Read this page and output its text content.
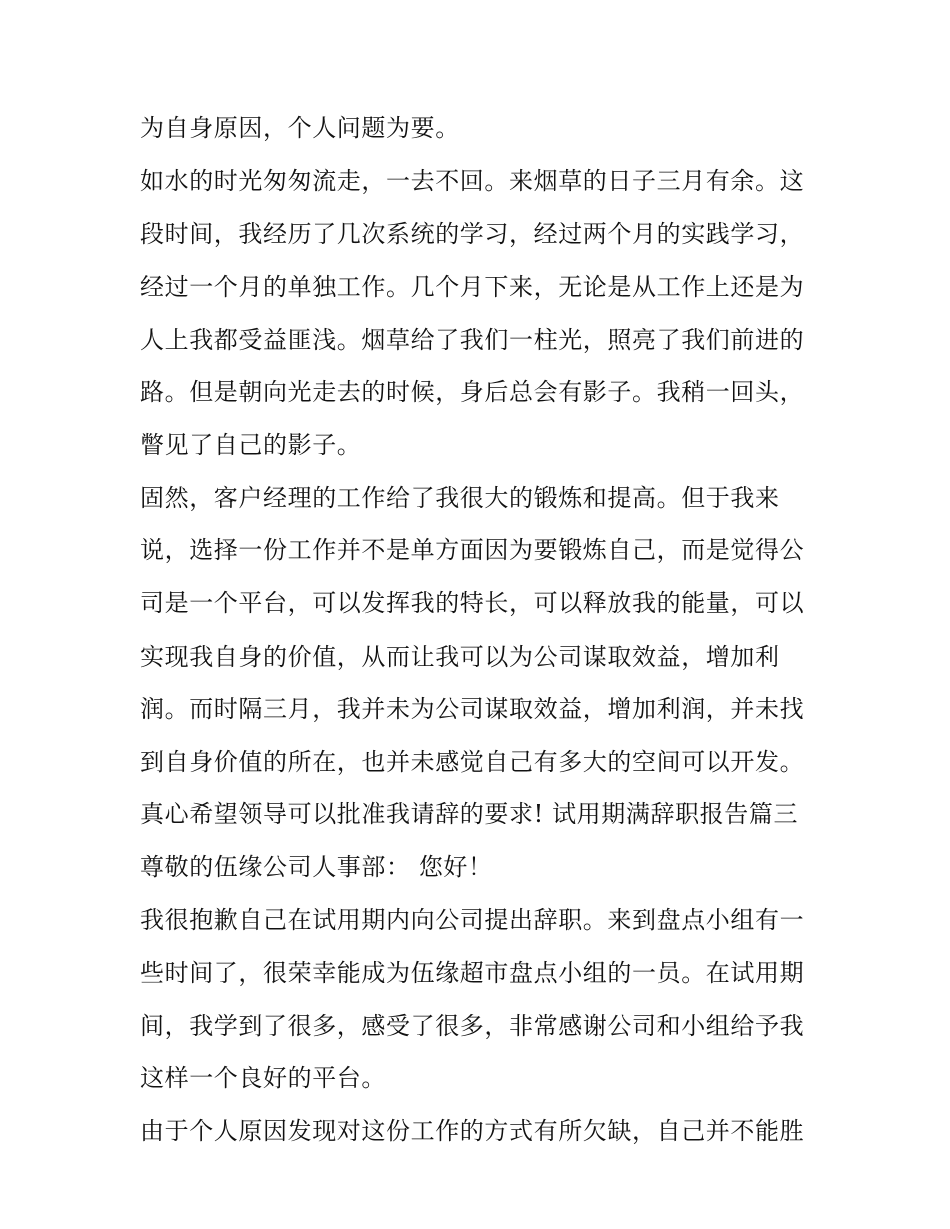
为自身原因，个人问题为要。

如水的时光匆匆流走，一去不回。来烟草的日子三月有余。这

段时间，我经历了几次系统的学习，经过两个月的实践学习，

经过一个月的单独工作。几个月下来，无论是从工作上还是为

人上我都受益匪浅。烟草给了我们一柱光，照亮了我们前进的

路。但是朝向光走去的时候，身后总会有影子。我稍一回头，

瞥见了自己的影子。

固然，客户经理的工作给了我很大的锻炼和提高。但于我来

说，选择一份工作并不是单方面因为要锻炼自己，而是觉得公

司是一个平台，可以发挥我的特长，可以释放我的能量，可以

实现我自身的价值，从而让我可以为公司谋取效益，增加利

润。而时隔三月，我并未为公司谋取效益，增加利润，并未找

到自身价值的所在，也并未感觉自己有多大的空间可以开发。

真心希望领导可以批准我请辞的要求! 试用期满辞职报告篇三

尊敬的伍缘公司人事部： 您好！

我很抱歉自己在试用期内向公司提出辞职。来到盘点小组有一

些时间了，很荣幸能成为伍缘超市盘点小组的一员。在试用期

间，我学到了很多，感受了很多，非常感谢公司和小组给予我

这样一个良好的平台。

由于个人原因发现对这份工作的方式有所欠缺，自己并不能胜
